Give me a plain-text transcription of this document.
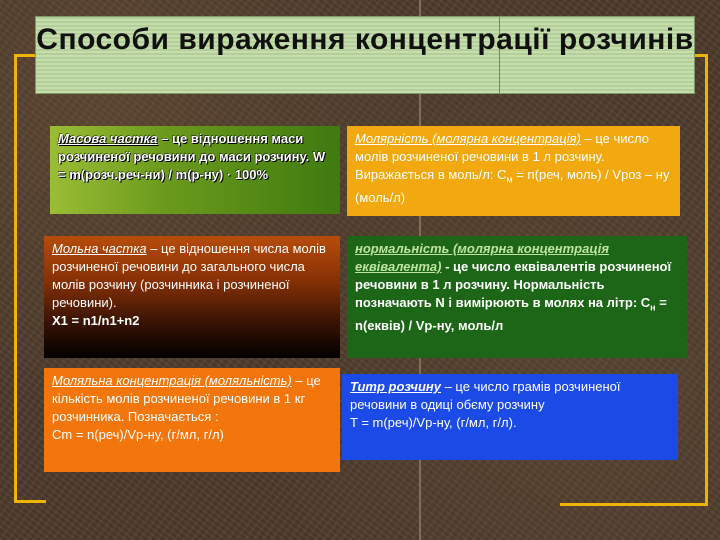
Способи вираження концентрації розчинів
Масова частка – це відношення маси розчиненої речовини до маси розчину. W = m(розч.реч-ни) / m(р-ну) · 100%
Молярність (молярна концентрація) – це число молів розчиненої речовини в 1 л розчину. Виражається в моль/л: $C_м = n(реч$, моль) / Vроз – ну (моль/л)
Мольна частка – це відношення числа молів розчиненої речовини до загального числа молів розчину (розчинника і розчиненої речовини).
X1 = n1/n1+n2
нормальність (молярна концентрація еквівалента) - це число еквівалентів розчиненої речовини в 1 л розчину. Нормальність позначають N і вимірюють в молях на літр: $C_н$ = n(еквів) / Vр-ну, моль/л
Моляльна концентрація (моляльність) – це кількість молів розчиненої речовини в 1 кг розчинника. Позначається :
Cm = n(реч)/Vр-ну, (г/мл, г/л)
Титр розчину – це число грамів розчиненої речовини в одиці обєму розчину
T = m(реч)/Vр-ну, (г/мл, г/л).
